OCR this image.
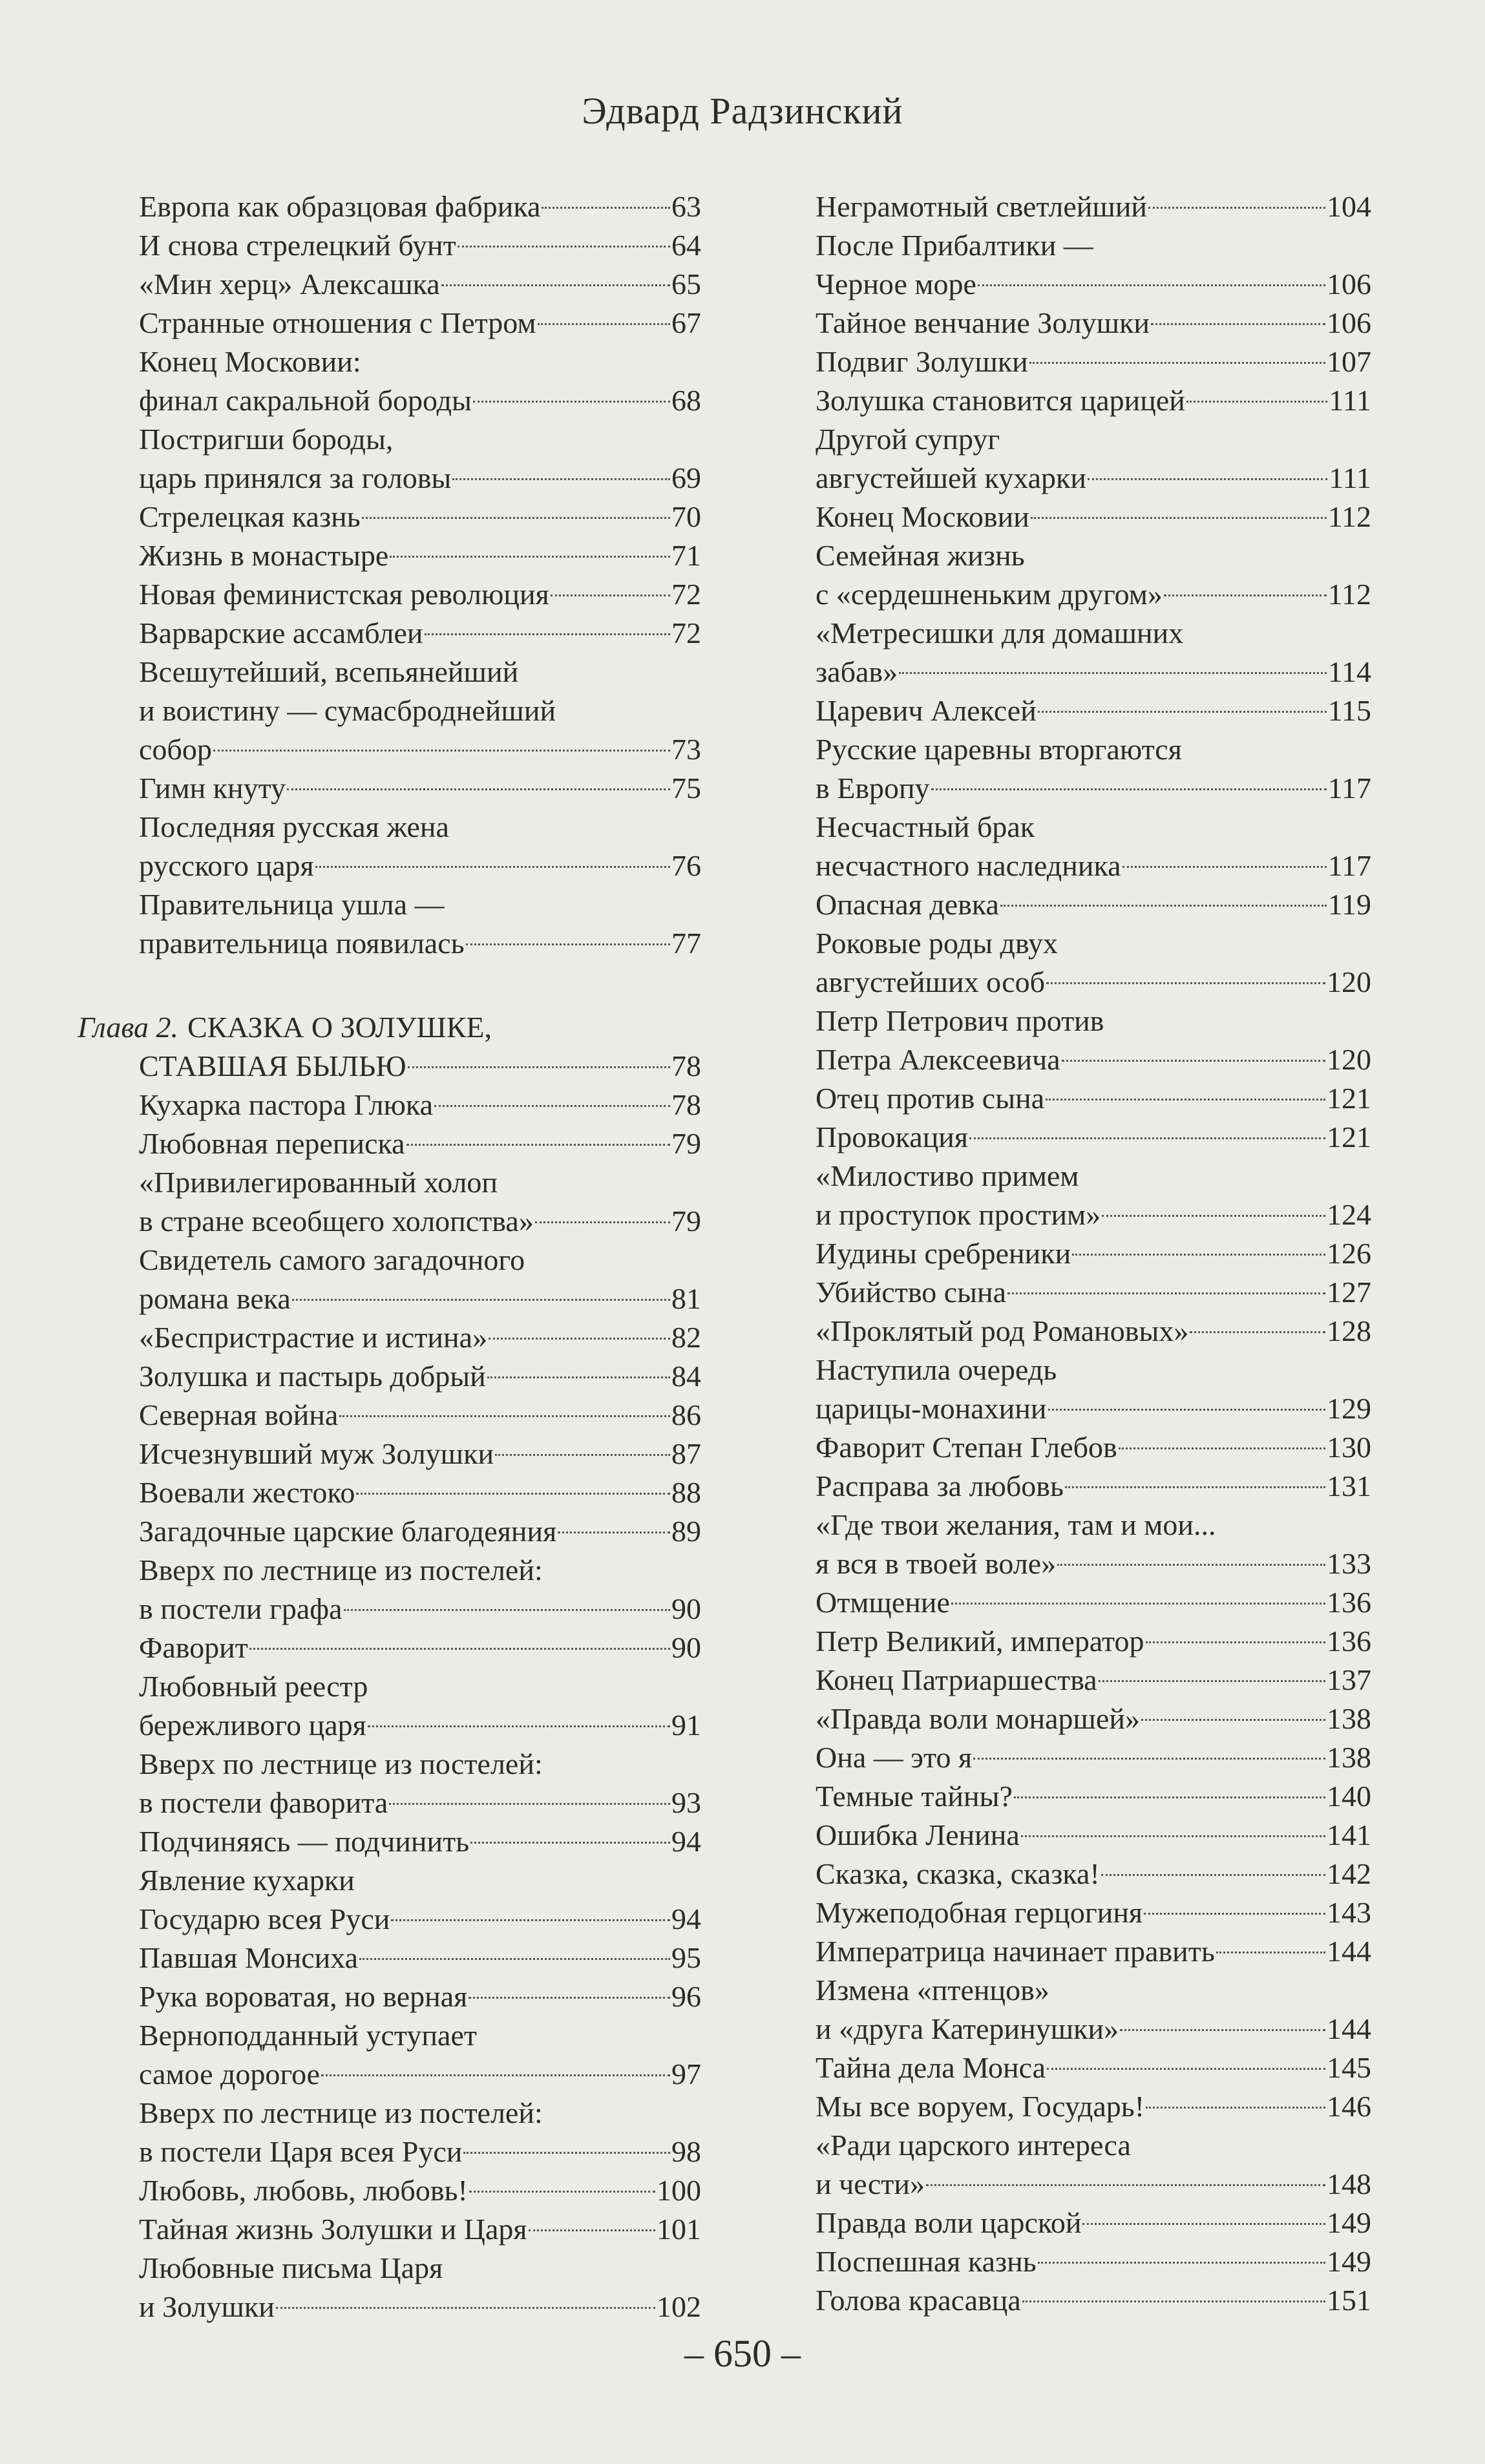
Эдвард Радзинский
Европа как образцовая фабрика	63
И снова стрелецкий бунт	64
«Мин херц» Алексашка	65
Странные отношения с Петром	67
Конец Московии:
финал сакральной бороды	68
Постригши бороды,
царь принялся за головы	69
Стрелецкая казнь	70
Жизнь в монастыре	71
Новая феминистская революция	72
Варварские ассамблеи	72
Всешутейший, всепьянейший
и воистину — сумасброднейший
собор	73
Гимн кнуту	75
Последняя русская жена
русского царя	76
Правительница ушла —
правительница появилась	77
Глава 2. СКАЗКА О ЗОЛУШКЕ,
СТАВШАЯ БЫЛЬЮ	78
Кухарка пастора Глюка	78
Любовная переписка	79
«Привилегированный холоп
в стране всеобщего холопства»	79
Свидетель самого загадочного
романа века	81
«Беспристрастие и истина»	82
Золушка и пастырь добрый	84
Северная война	86
Исчезнувший муж Золушки	87
Воевали жестоко	88
Загадочные царские благодеяния	89
Вверх по лестнице из постелей:
в постели графа	90
Фаворит	90
Любовный реестр
бережливого царя	91
Вверх по лестнице из постелей:
в постели фаворита	93
Подчиняясь — подчинить	94
Явление кухарки
Государю всея Руси	94
Павшая Монсиха	95
Рука вороватая, но верная	96
Верноподданный уступает
самое дорогое	97
Вверх по лестнице из постелей:
в постели Царя всея Руси	98
Любовь, любовь, любовь!	100
Тайная жизнь Золушки и Царя	101
Любовные письма Царя
и Золушки	102
Неграмотный светлейший	104
После Прибалтики —
Черное море	106
Тайное венчание Золушки	106
Подвиг Золушки	107
Золушка становится царицей	111
Другой супруг
августейшей кухарки	111
Конец Московии	112
Семейная жизнь
с «сердешненьким другом»	112
«Метресишки для домашних
забав»	114
Царевич Алексей	115
Русские царевны вторгаются
в Европу	117
Несчастный брак
несчастного наследника	117
Опасная девка	119
Роковые роды двух
августейших особ	120
Петр Петрович против
Петра Алексеевича	120
Отец против сына	121
Провокация	121
«Милостиво примем
и проступок простим»	124
Иудины сребреники	126
Убийство сына	127
«Проклятый род Романовых»	128
Наступила очередь
царицы-монахини	129
Фаворит Степан Глебов	130
Расправа за любовь	131
«Где твои желания, там и мои...
я вся в твоей воле»	133
Отмщение	136
Петр Великий, император	136
Конец Патриаршества	137
«Правда воли монаршей»	138
Она — это я	138
Темные тайны?	140
Ошибка Ленина	141
Сказка, сказка, сказка!	142
Мужеподобная герцогиня	143
Императрица начинает править	144
Измена «птенцов»
и «друга Катеринушки»	144
Тайна дела Монса	145
Мы все воруем, Государь!	146
«Ради царского интереса
и чести»	148
Правда воли царской	149
Поспешная казнь	149
Голова красавца	151
– 650 –
